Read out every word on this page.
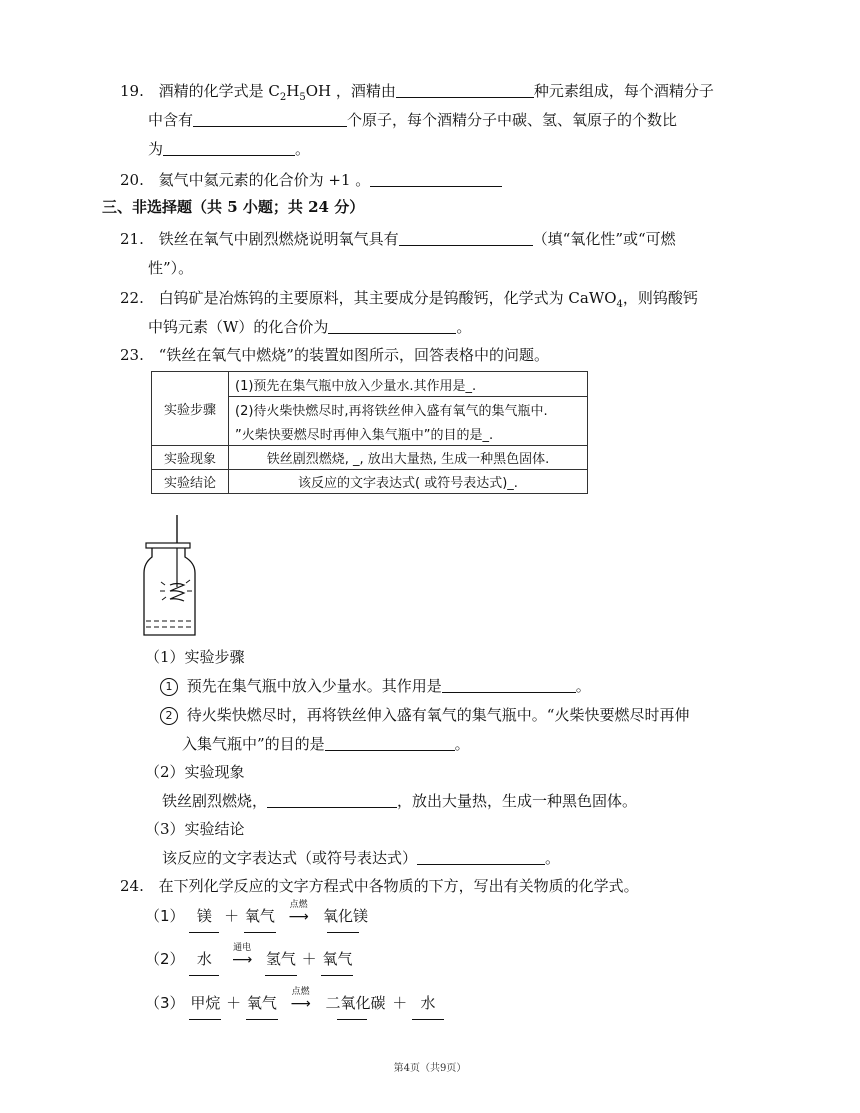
19. 酒精的化学式是 $C_2H_5OH$ ，酒精由	种元素组成，每个酒精分子
中含有	个原子，每个酒精分子中碳、氢、氧原子的个数比
为	。
20. 氦气中氦元素的化合价为 +1 。
三、非选择题（共 5 小题；共 24 分）
21. 铁丝在氧气中剧烈燃烧说明氧气具有	（填“氧化性”或“可燃
性”）。
22. 白钨矿是冶炼钨的主要原料，其主要成分是钨酸钙，化学式为 CaWO$_4$，则钨酸钙
中钨元素（W）的化合价为	。
23. “铁丝在氧气中燃烧”的装置如图所示，回答表格中的问题。
实验步骤	(1)预先在集气瓶中放入少量水.其作用是_.
	(2)待火柴快燃尽时,再将铁丝伸入盛有氧气的集气瓶中.
	”火柴快要燃尽时再伸入集气瓶中”的目的是_.
实验现象	铁丝剧烈燃烧, _, 放出大量热, 生成一种黑色固体.
实验结论	该反应的文字表达式( 或符号表达式)_.
（1）实验步骤
1 预先在集气瓶中放入少量水。其作用是	。
2 待火柴快燃尽时，再将铁丝伸入盛有氧气的集气瓶中。“火柴快要燃尽时再伸
入集气瓶中”的目的是	。
（2）实验现象
铁丝剧烈燃烧，	，放出大量热，生成一种黑色固体。
（3）实验结论
该反应的文字表达式（或符号表达式）	。
24. 在下列化学反应的文字方程式中各物质的下方，写出有关物质的化学式。
（1） 镁 ＋ 氧气

点燃
⟶ 氧化镁
（2） 水

通电
⟶ 氢气 ＋ 氧气
（3） 甲烷 ＋ 氧气

点燃
⟶ 二氧化碳 ＋ 水
第4页（共9页）
